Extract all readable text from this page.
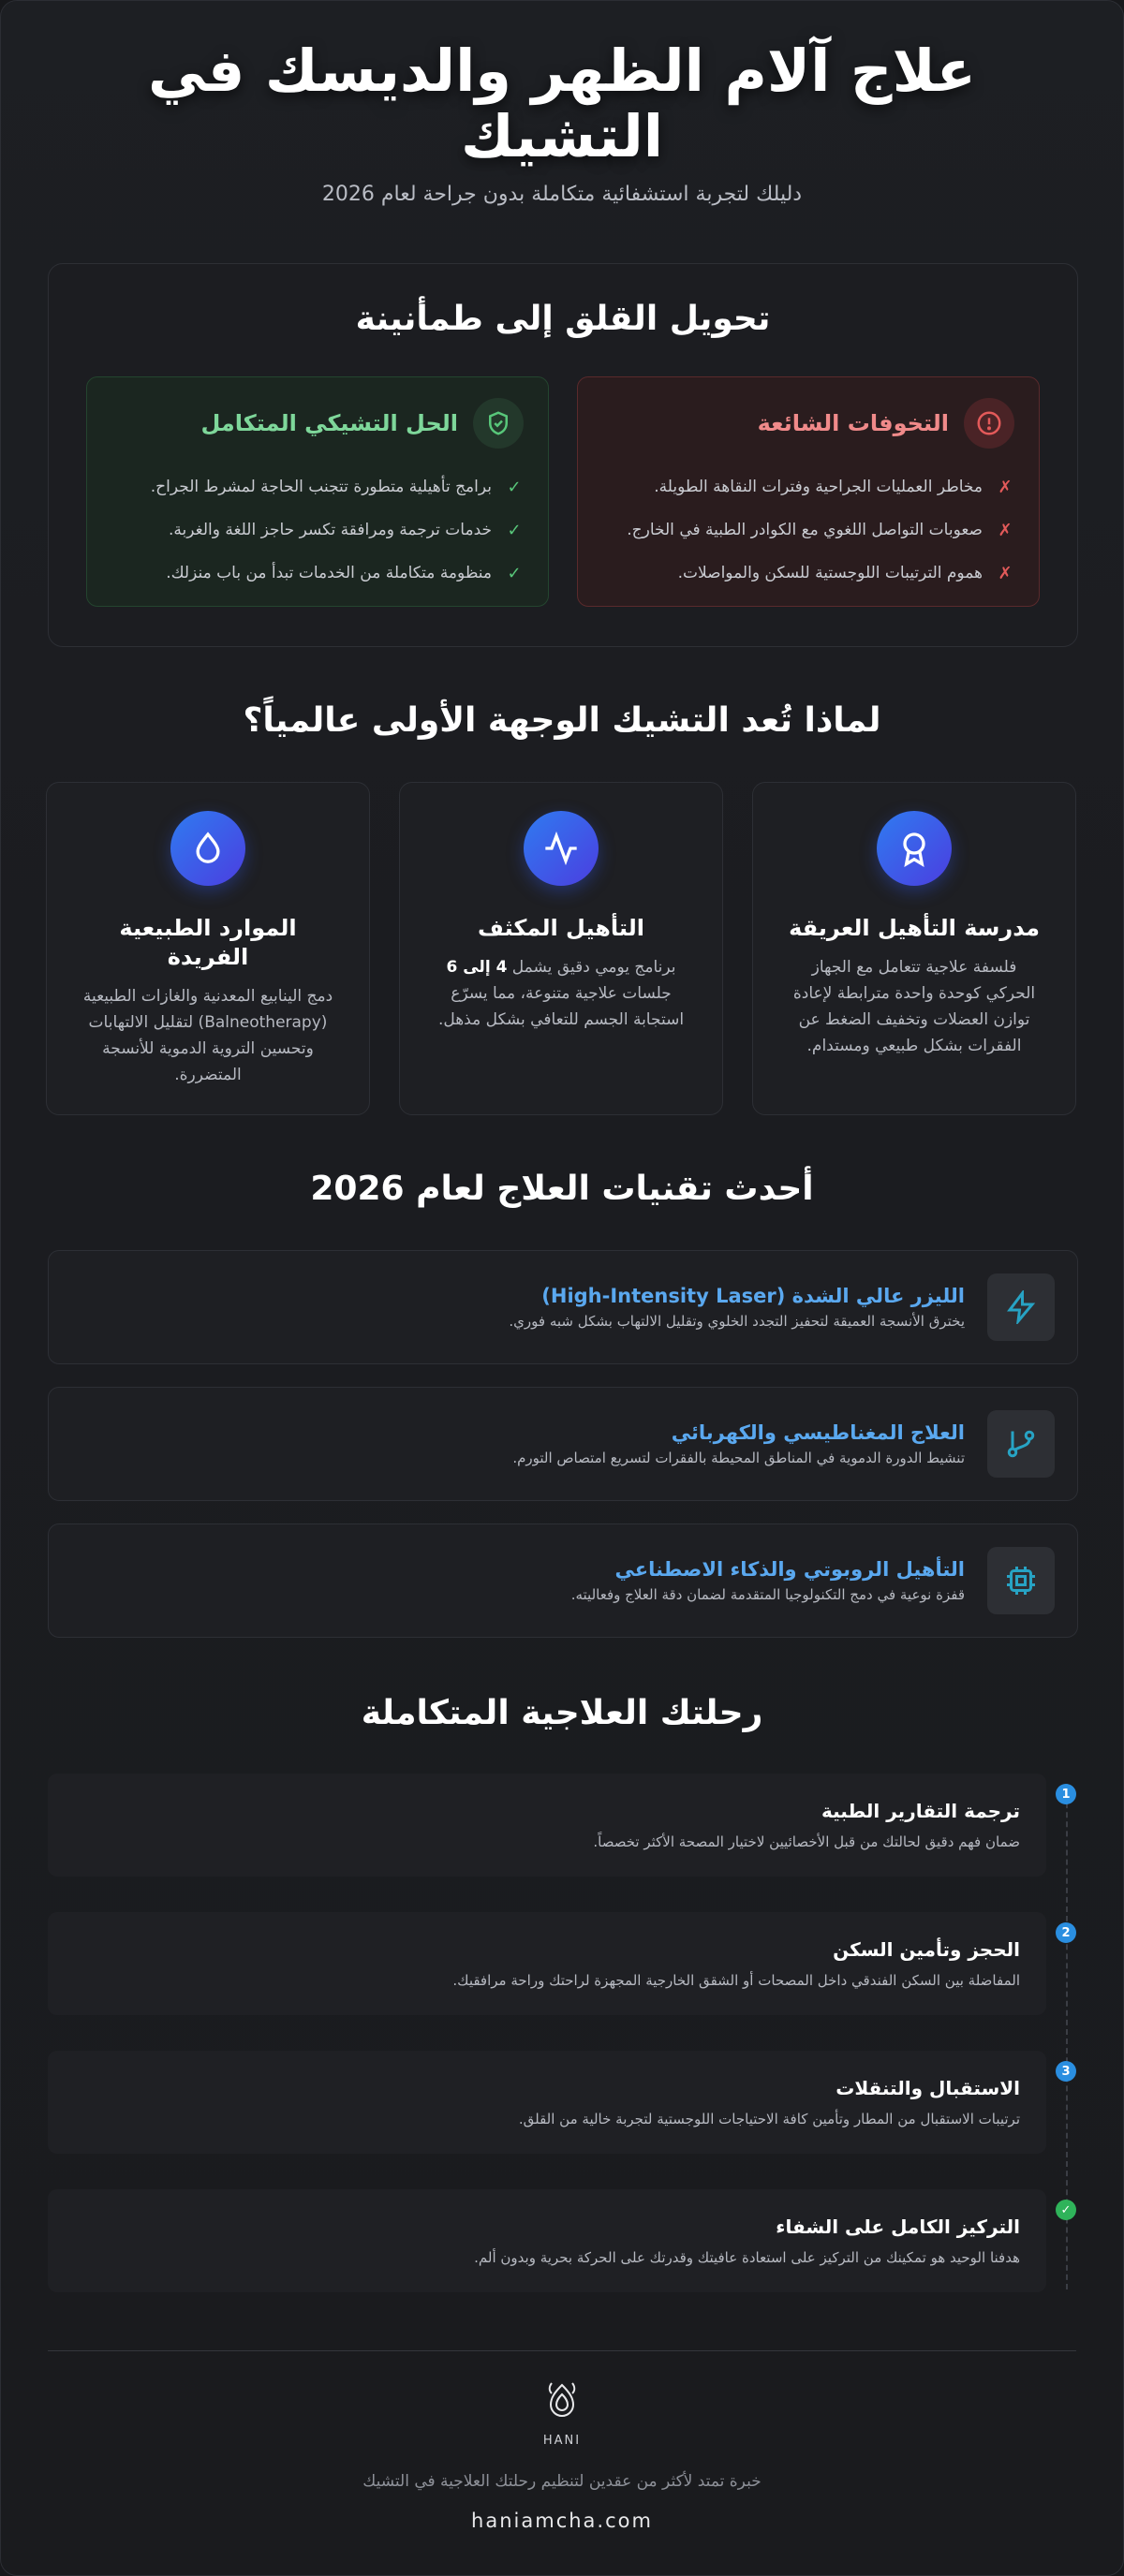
علاج آلام الظهر والديسك في التشيك
دليلك لتجربة استشفائية متكاملة بدون جراحة لعام 2026
تحويل القلق إلى طمأنينة
التخوفات الشائعة
✗
مخاطر العمليات الجراحية وفترات النقاهة الطويلة.
✗
صعوبات التواصل اللغوي مع الكوادر الطبية في الخارج.
✗
هموم الترتيبات اللوجستية للسكن والمواصلات.
الحل التشيكي المتكامل
✓
برامج تأهيلية متطورة تتجنب الحاجة لمشرط الجراح.
✓
خدمات ترجمة ومرافقة تكسر حاجز اللغة والغربة.
✓
منظومة متكاملة من الخدمات تبدأ من باب منزلك.
لماذا تُعد التشيك الوجهة الأولى عالمياً؟
مدرسة التأهيل العريقة
فلسفة علاجية تتعامل مع الجهاز الحركي كوحدة واحدة مترابطة لإعادة توازن العضلات وتخفيف الضغط عن الفقرات بشكل طبيعي ومستدام.
التأهيل المكثف
برنامج يومي دقيق يشمل 4 إلى 6 جلسات علاجية متنوعة، مما يسرّع استجابة الجسم للتعافي بشكل مذهل.
الموارد الطبيعية الفريدة
دمج الينابيع المعدنية والغازات الطبيعية (Balneotherapy) لتقليل الالتهابات وتحسين التروية الدموية للأنسجة المتضررة.
أحدث تقنيات العلاج لعام 2026
الليزر عالي الشدة (High-Intensity Laser)
يخترق الأنسجة العميقة لتحفيز التجدد الخلوي وتقليل الالتهاب بشكل شبه فوري.
العلاج المغناطيسي والكهربائي
تنشيط الدورة الدموية في المناطق المحيطة بالفقرات لتسريع امتصاص التورم.
التأهيل الروبوتي والذكاء الاصطناعي
قفزة نوعية في دمج التكنولوجيا المتقدمة لضمان دقة العلاج وفعاليته.
رحلتك العلاجية المتكاملة
1
2
3
✓
ترجمة التقارير الطبية
ضمان فهم دقيق لحالتك من قبل الأخصائيين لاختيار المصحة الأكثر تخصصاً.
الحجز وتأمين السكن
المفاضلة بين السكن الفندقي داخل المصحات أو الشقق الخارجية المجهزة لراحتك وراحة مرافقيك.
الاستقبال والتنقلات
ترتيبات الاستقبال من المطار وتأمين كافة الاحتياجات اللوجستية لتجربة خالية من القلق.
التركيز الكامل على الشفاء
هدفنا الوحيد هو تمكينك من التركيز على استعادة عافيتك وقدرتك على الحركة بحرية وبدون ألم.
HANI
خبرة تمتد لأكثر من عقدين لتنظيم رحلتك العلاجية في التشيك
haniamcha.com
